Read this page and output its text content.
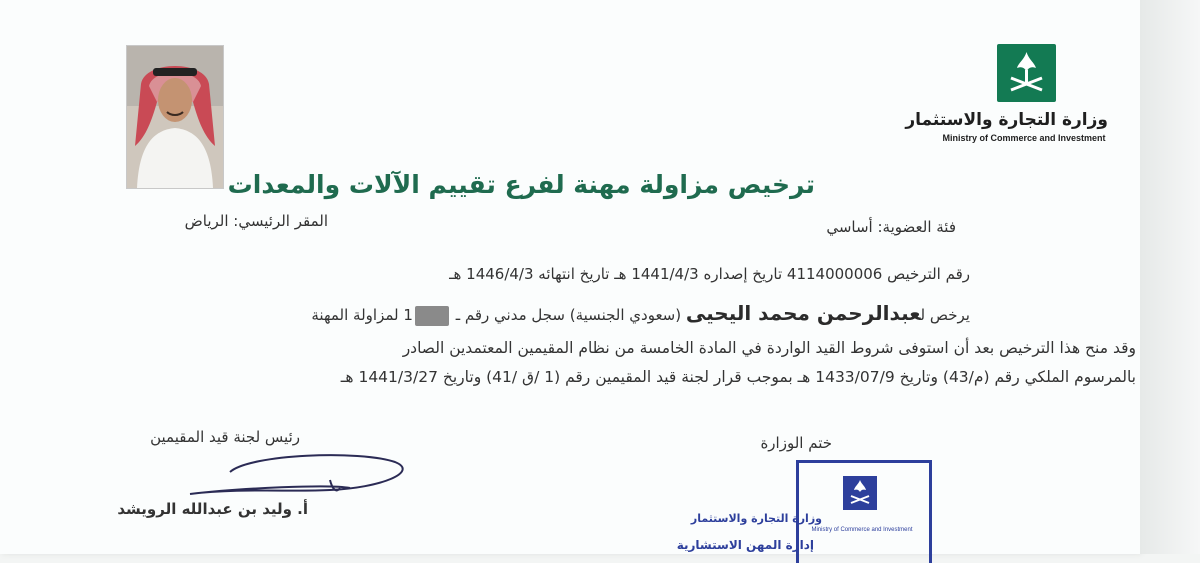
وزارة التجارة والاستثمار
Ministry of Commerce and Investment
ترخيص مزاولة مهنة لفرع تقييم الآلات والمعدات
فئة العضوية: أساسي
المقر الرئيسي: الرياض
رقم الترخيص 4114000006 تاريخ إصداره 1441/4/3 هـ تاريخ انتهائه 1446/4/3 هـ
يرخص لعبدالرحمن محمد اليحيى (سعودي الجنسية) سجل مدني رقم ـ 1 لمزاولة المهنة
وقد منح هذا الترخيص بعد أن استوفى شروط القيد الواردة في المادة الخامسة من نظام المقيمين المعتمدين الصادر
بالمرسوم الملكي رقم (م/43) وتاريخ 1433/07/9 هـ بموجب قرار لجنة قيد المقيمين رقم (1 /ق /41) وتاريخ 1441/3/27 هـ
ختم الوزارة
وزارة التجارة والاستثمار
Ministry of Commerce and Investment
إدارة المهن الاستشارية
رئيس لجنة قيد المقيمين
أ. وليد بن عبدالله الرويشد
